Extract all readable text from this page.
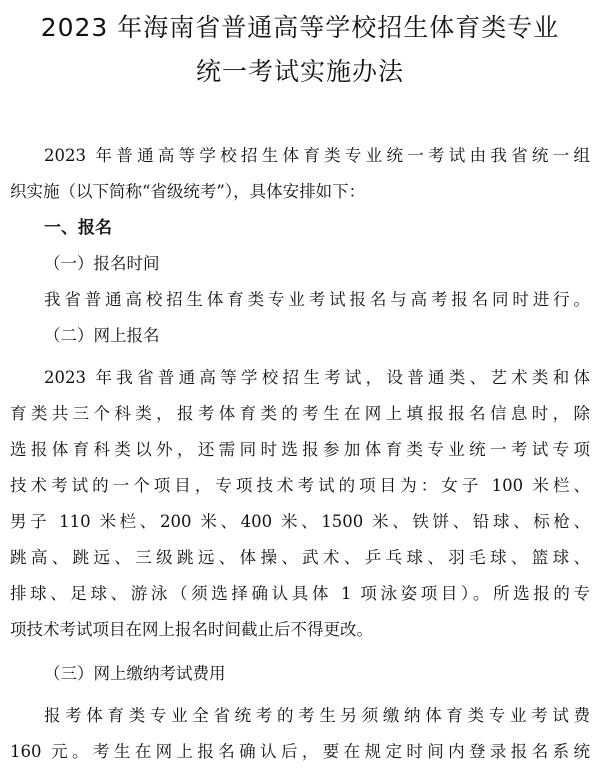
2023 年海南省普通高等学校招生体育类专业
统一考试实施办法

2023 年普通高等学校招生体育类专业统一考试由我省统一组

织实施（以下简称“省级统考”），具体安排如下：

一、报名

（一）报名时间

我省普通高校招生体育类专业考试报名与高考报名同时进行。

（二）网上报名

2023 年我省普通高等学校招生考试，设普通类、艺术类和体

育类共三个科类，报考体育类的考生在网上填报报名信息时，除

选报体育科类以外，还需同时选报参加体育类专业统一考试专项

技术考试的一个项目，专项技术考试的项目为：女子 100 米栏、

男子 110 米栏、200 米、400 米、1500 米、铁饼、铅球、标枪、

跳高、跳远、三级跳远、体操、武术、乒乓球、羽毛球、篮球、

排球、足球、游泳（须选择确认具体 1 项泳姿项目）。所选报的专

项技术考试项目在网上报名时间截止后不得更改。

（三）网上缴纳考试费用

报考体育类专业全省统考的考生另须缴纳体育类专业考试费

160 元。考生在网上报名确认后，要在规定时间内登录报名系统
